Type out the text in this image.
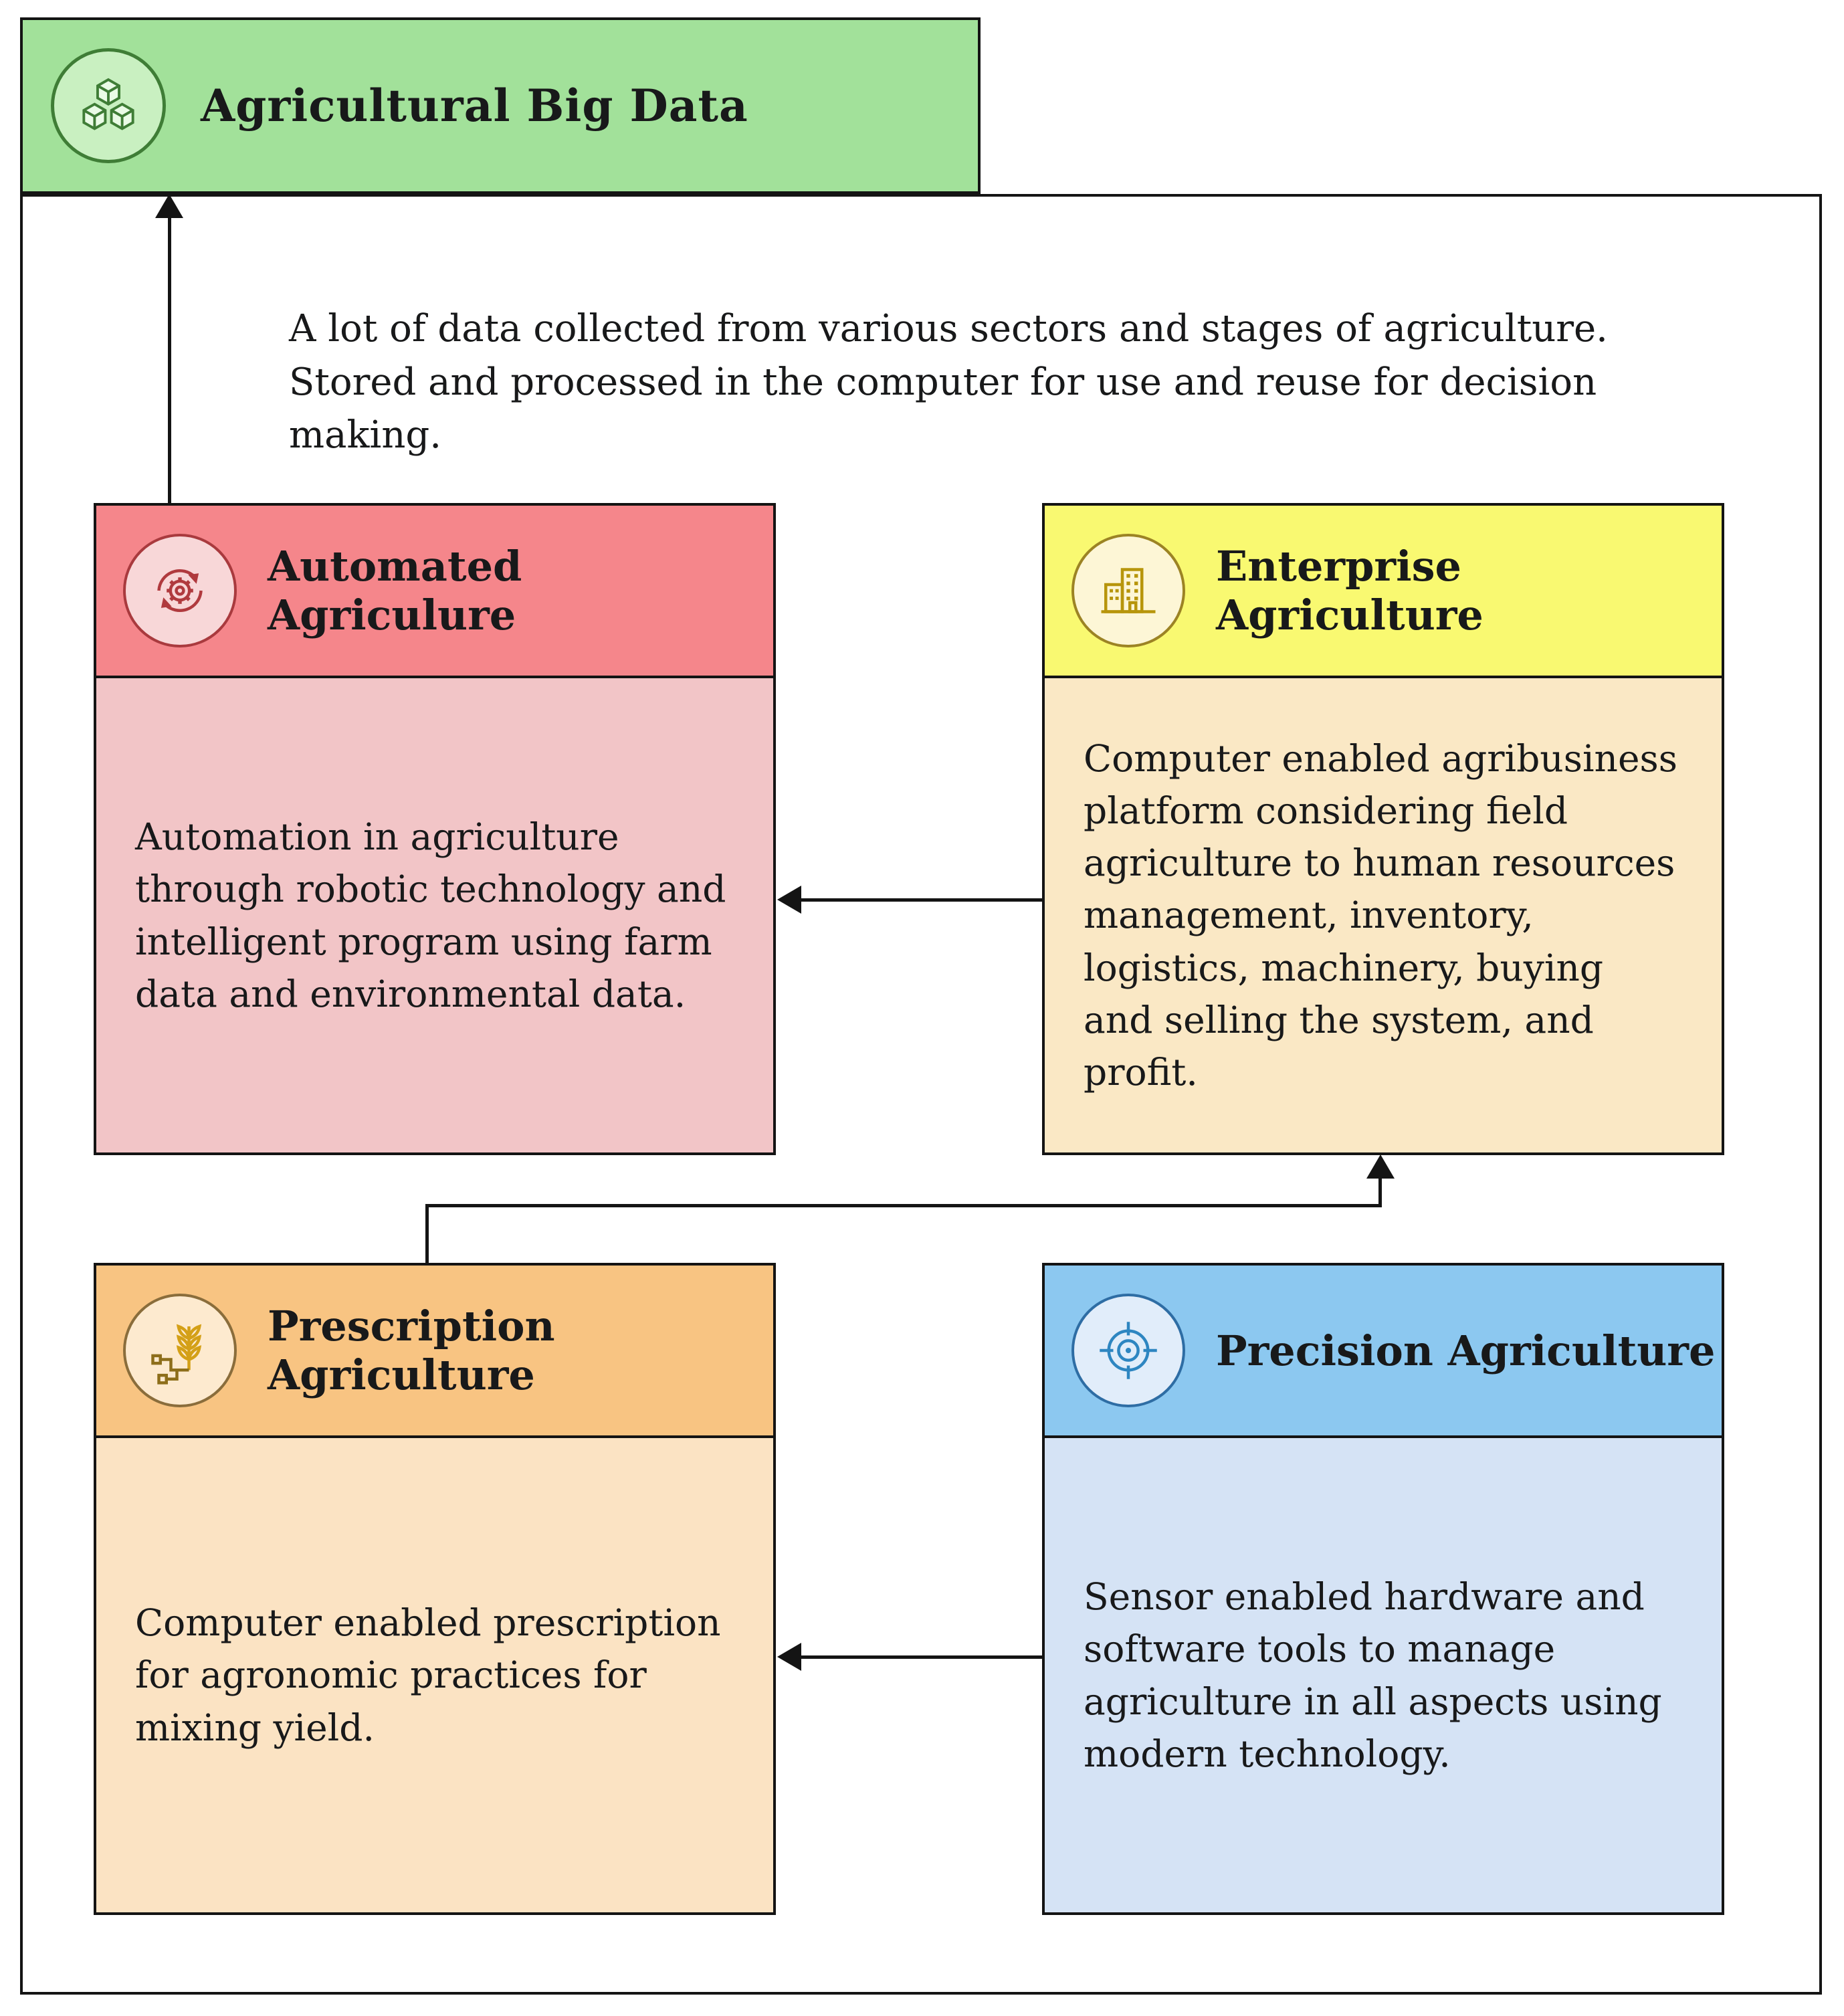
Agricultural Big Data
A lot of data collected from various sectors and stages of agriculture. Stored and processed in the computer for use and reuse for decision making.
Automated Agriculure

Automation in agriculture through robotic technology and intelligent program using farm data and environmental data.

Enterprise Agriculture

Computer enabled agribusiness platform considering field agriculture to human resources management, inventory, logistics, machinery, buying and selling the system, and profit.

Prescription Agriculture

Computer enabled prescription for agronomic practices for mixing yield.

Precision Agriculture

Sensor enabled hardware and software tools to manage agriculture in all aspects using modern technology.
